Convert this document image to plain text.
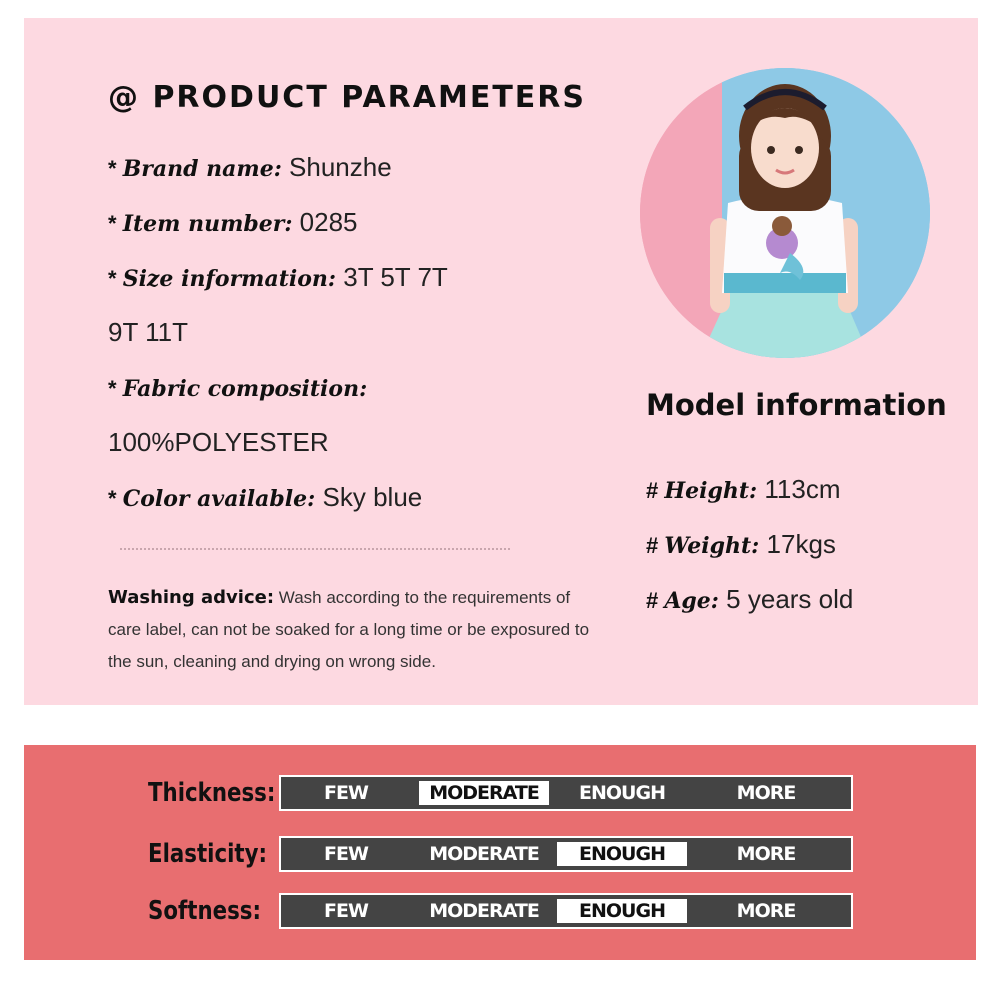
@ PRODUCT PARAMETERS
* Brand name: Shunzhe
* Item number: 0285
* Size information: 3T 5T 7T
9T 11T
* Fabric composition:
100%POLYESTER
* Color available: Sky blue
Washing advice: Wash according to the requirements of care label, can not be soaked for a long time or be exposured to the sun, cleaning and drying on wrong side.
Model information
# Height: 113cm
# Weight: 17kgs
# Age: 5 years old
Thickness:	FEW	MODERATE	ENOUGH	MORE
Elasticity:	FEW	MODERATE	ENOUGH	MORE
Softness:	FEW	MODERATE	ENOUGH	MORE
